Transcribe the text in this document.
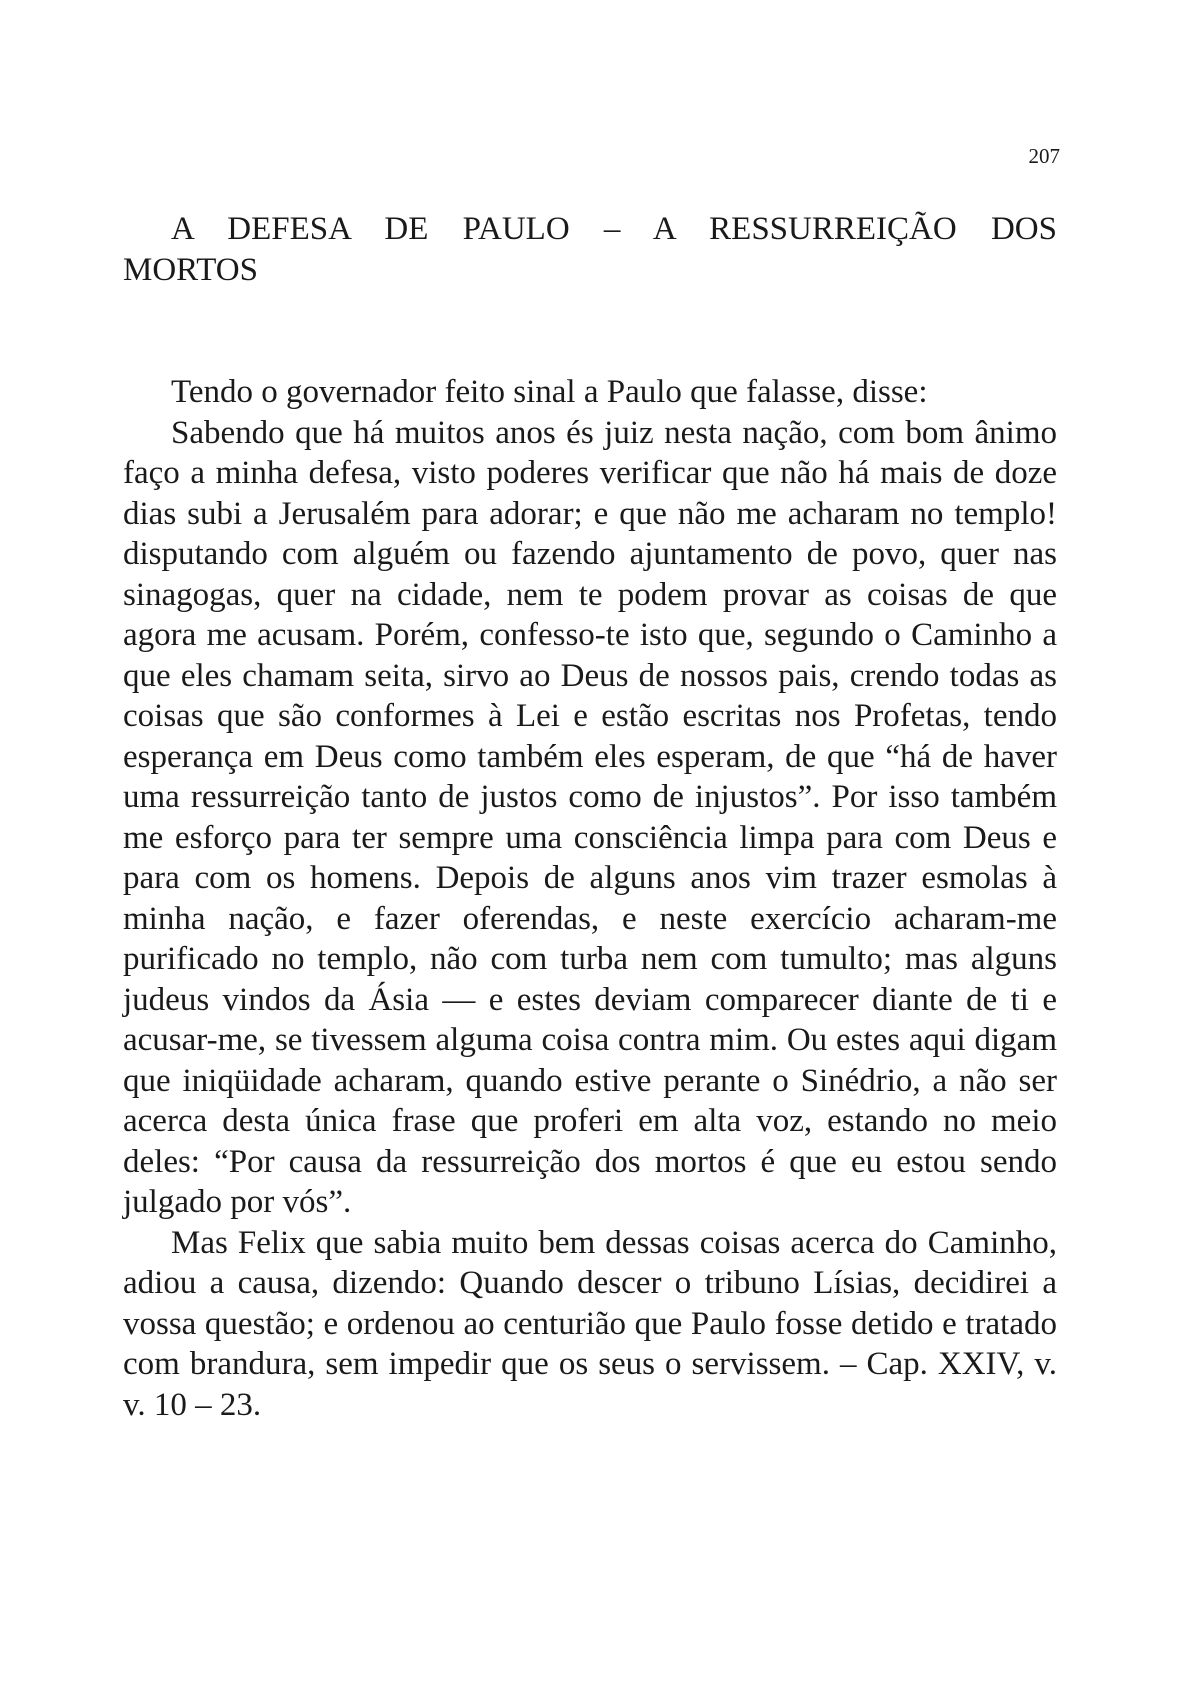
207
A DEFESA DE PAULO – A RESSURREIÇÃO DOS MORTOS

Tendo o governador feito sinal a Paulo que falasse, disse:

Sabendo que há muitos anos és juiz nesta nação, com bom ânimo faço a minha defesa, visto poderes verificar que não há mais de doze dias subi a Jerusalém para adorar; e que não me acharam no templo! disputando com alguém ou fazendo ajuntamento de povo, quer nas sinagogas, quer na cidade, nem te podem provar as coisas de que agora me acusam. Porém, confesso-te isto que, segundo o Caminho a que eles chamam seita, sirvo ao Deus de nossos pais, crendo todas as coisas que são conformes à Lei e estão escritas nos Profetas, tendo esperança em Deus como também eles esperam, de que “há de haver uma ressurreição tanto de justos como de injustos”. Por isso também me esforço para ter sempre uma consciência limpa para com Deus e para com os homens. Depois de alguns anos vim trazer esmolas à minha nação, e fazer oferendas, e neste exercício acharam-me purificado no templo, não com turba nem com tumulto; mas alguns judeus vindos da Ásia — e estes deviam comparecer diante de ti e acusar-me, se tivessem alguma coisa contra mim. Ou estes aqui digam que iniqüidade acharam, quando estive perante o Sinédrio, a não ser acerca desta única frase que proferi em alta voz, estando no meio deles: “Por causa da ressurreição dos mortos é que eu estou sendo julgado por vós”.

Mas Felix que sabia muito bem dessas coisas acerca do Caminho, adiou a causa, dizendo: Quando descer o tribuno Lísias, decidirei a vossa questão; e ordenou ao centurião que Paulo fosse detido e tratado com brandura, sem impedir que os seus o servissem. – Cap. XXIV, v. v. 10 – 23.
